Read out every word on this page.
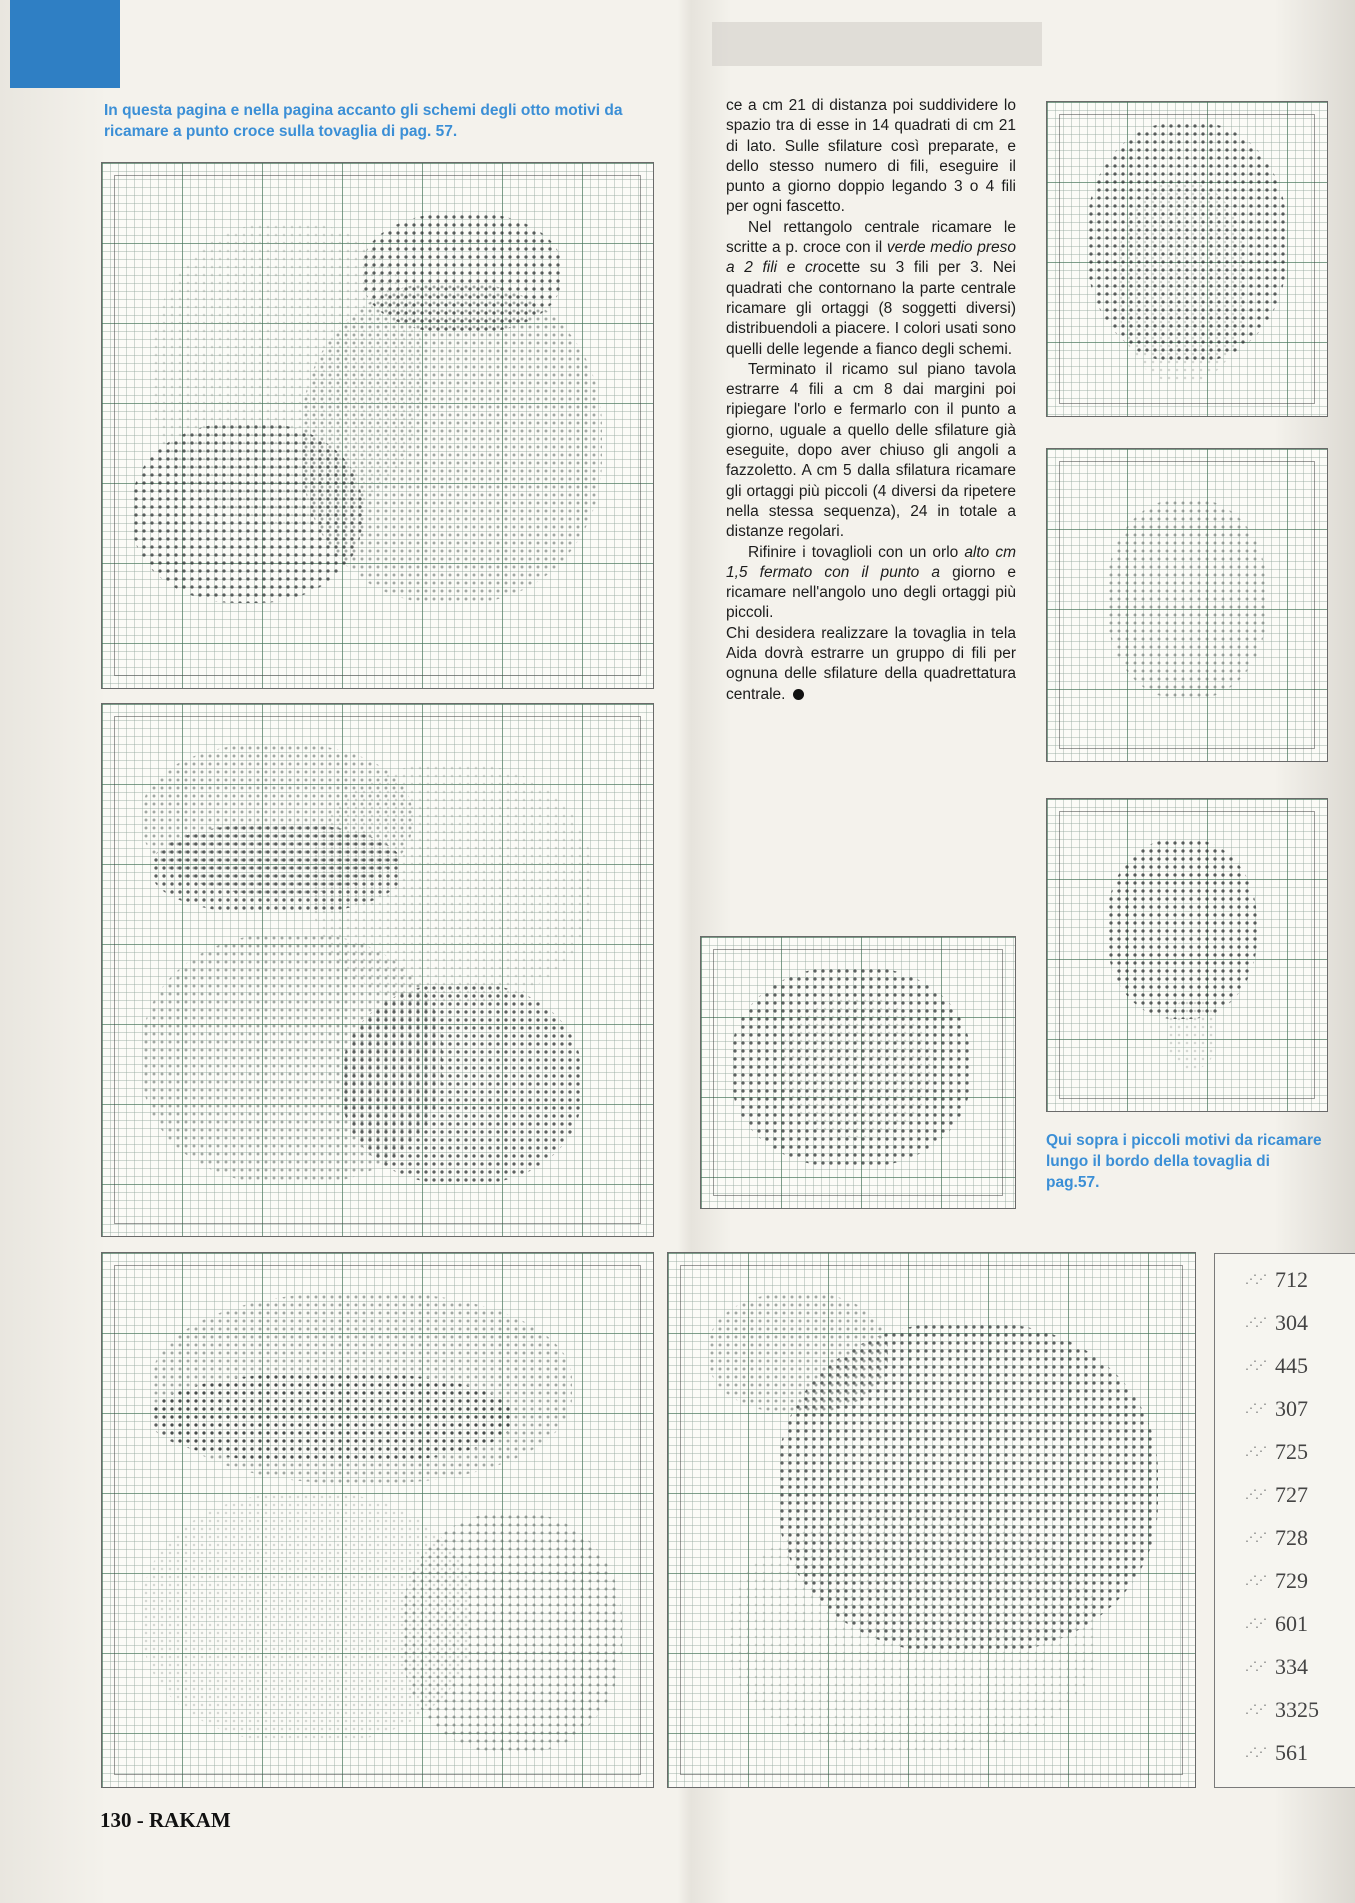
In questa pagina e nella pagina accanto gli schemi degli otto motivi da ricamare a punto croce sulla tovaglia di pag. 57.

ce a cm 21 di distanza poi suddividere lo spazio tra di esse in 14 quadrati di cm 21 di lato. Sulle sfilature così preparate, e dello stesso numero di fili, eseguire il punto a giorno doppio legando 3 o 4 fili per ogni fascetto.

Nel rettangolo centrale ricamare le scritte a p. croce con il verde medio preso a 2 fili e crocette su 3 fili per 3. Nei quadrati che contornano la parte centrale ricamare gli ortaggi (8 soggetti diversi) distribuendoli a piacere. I colori usati sono quelli delle legende a fianco degli schemi.

Terminato il ricamo sul piano tavola estrarre 4 fili a cm 8 dai margini poi ripiegare l'orlo e fermarlo con il punto a giorno, uguale a quello delle sfilature già eseguite, dopo aver chiuso gli angoli a fazzoletto. A cm 5 dalla sfilatura ricamare gli ortaggi più piccoli (4 diversi da ripetere nella stessa sequenza), 24 in totale a distanze regolari.

Rifinire i tovaglioli con un orlo alto cm 1,5 fermato con il punto a giorno e ricamare nell'angolo uno degli ortaggi più piccoli.

Chi desidera realizzare la tovaglia in tela Aida dovrà estrarre un gruppo di fili per ognuna delle sfilature della quadrettatura centrale.

Qui sopra i piccoli motivi da ricamare lungo il bordo della tovaglia di pag.57.
⋰⋰ 712
⋰⋰ 304
⋰⋰ 445
⋰⋰ 307
⋰⋰ 725
⋰⋰ 727
⋰⋰ 728
⋰⋰ 729
⋰⋰ 601
⋰⋰ 334
⋰⋰ 3325
⋰⋰ 561
130 - RAKAM
